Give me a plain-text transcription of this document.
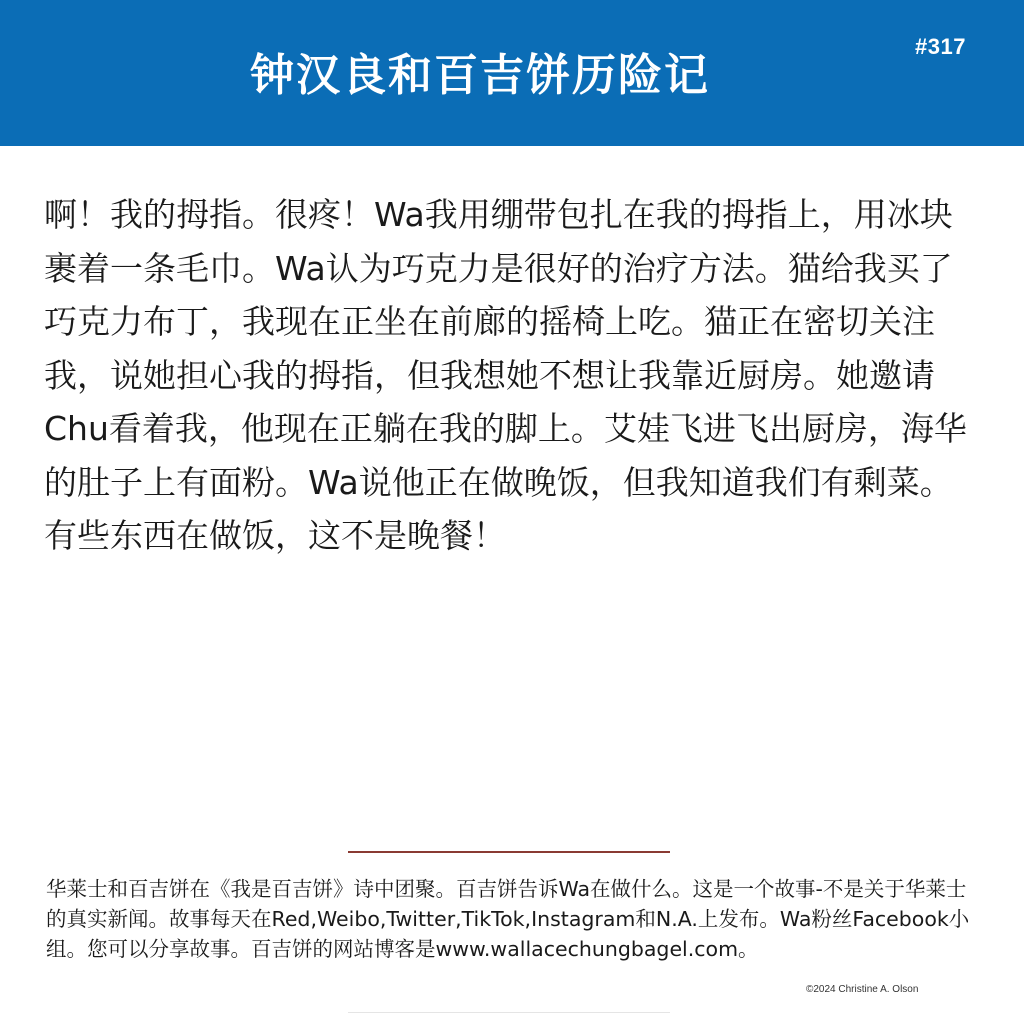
#317
钟汉良和百吉饼历险记

啊！我的拇指。很疼！Wa我用绷带包扎在我的拇指上，用冰块裹着一条毛巾。Wa认为巧克力是很好的治疗方法。猫给我买了巧克力布丁，我现在正坐在前廊的摇椅上吃。猫正在密切关注我，说她担心我的拇指，但我想她不想让我靠近厨房。她邀请Chu看着我，他现在正躺在我的脚上。艾娃飞进飞出厨房，海华的肚子上有面粉。Wa说他正在做晚饭，但我知道我们有剩菜。有些东西在做饭，这不是晚餐！

华莱士和百吉饼在《我是百吉饼》诗中团聚。百吉饼告诉Wa在做什么。这是一个故事-不是关于华莱士的真实新闻。故事每天在Red,Weibo,Twitter,TikTok,Instagram和N.A.上发布。Wa粉丝Facebook小组。您可以分享故事。百吉饼的网站博客是www.wallacechungbagel.com。

©2024 Christine A. Olson
